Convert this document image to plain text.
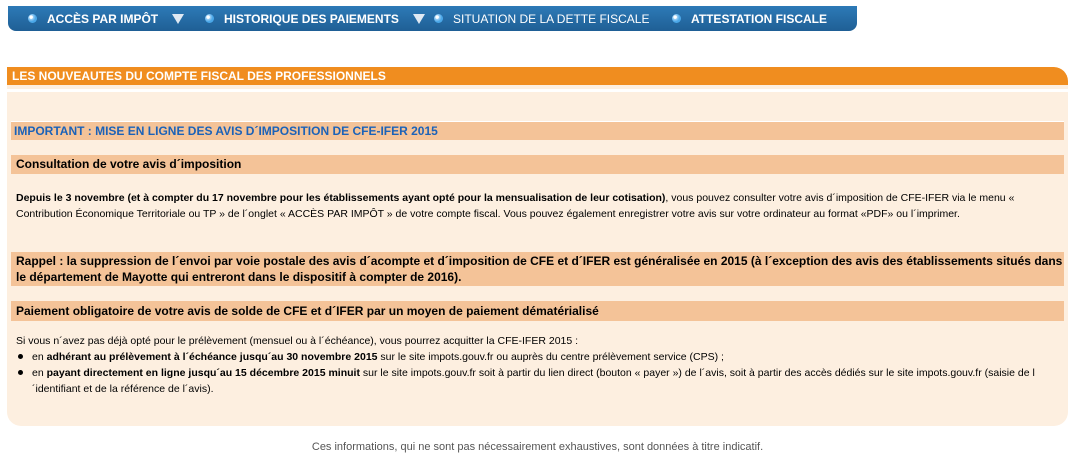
ACCÈS PAR IMPÔT	HISTORIQUE DES PAIEMENTS	SITUATION DE LA DETTE FISCALE	ATTESTATION FISCALE
LES NOUVEAUTES DU COMPTE FISCAL DES PROFESSIONNELS
IMPORTANT : MISE EN LIGNE DES AVIS D´IMPOSITION DE CFE-IFER 2015
Consultation de votre avis d´imposition
Depuis le 3 novembre (et à compter du 17 novembre pour les établissements ayant opté pour la mensualisation de leur cotisation), vous pouvez consulter votre avis d´imposition de CFE-IFER via le menu « Contribution Économique Territoriale ou TP » de l´onglet « ACCÈS PAR IMPÔT » de votre compte fiscal. Vous pouvez également enregistrer votre avis sur votre ordinateur au format «PDF» ou l´imprimer.
Rappel : la suppression de l´envoi par voie postale des avis d´acompte et d´imposition de CFE et d´IFER est généralisée en 2015 (à l´exception des avis des établissements situés dans le département de Mayotte qui entreront dans le dispositif à compter de 2016).
Paiement obligatoire de votre avis de solde de CFE et d´IFER par un moyen de paiement dématérialisé
Si vous n´avez pas déjà opté pour le prélèvement (mensuel ou à l´échéance), vous pourrez acquitter la CFE-IFER 2015 :
en adhérant au prélèvement à l´échéance jusqu´au 30 novembre 2015 sur le site impots.gouv.fr ou auprès du centre prélèvement service (CPS) ;
en payant directement en ligne jusqu´au 15 décembre 2015 minuit sur le site impots.gouv.fr soit à partir du lien direct (bouton « payer ») de l´avis, soit à partir des accès dédiés sur le site impots.gouv.fr (saisie de l´identifiant et de la référence de l´avis).
Ces informations, qui ne sont pas nécessairement exhaustives, sont données à titre indicatif.
